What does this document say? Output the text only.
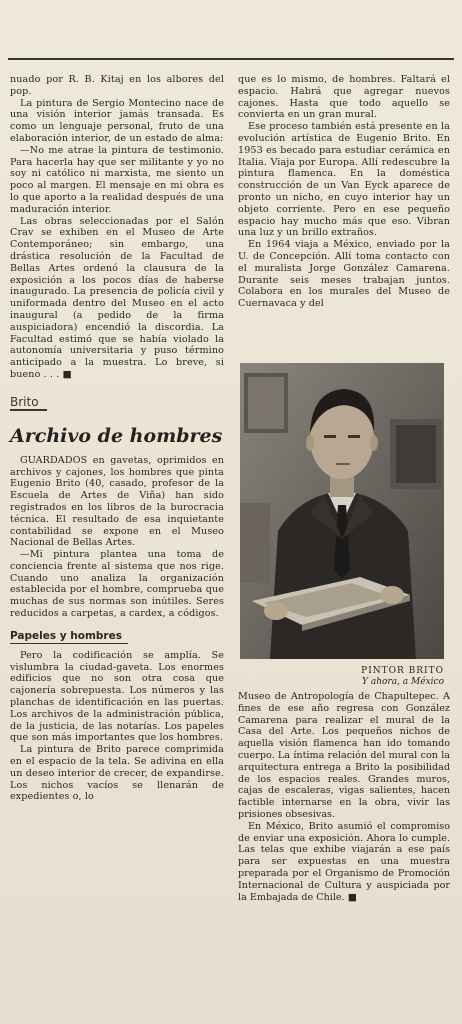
nuado por R. B. Kitaj en los albores del pop.

La pintura de Sergio Montecino nace de una visión interior jamás transada. Es como un lenguaje personal, fruto de una elaboración interior, de un estado de alma:

—No me atrae la pintura de testimonio. Para hacerla hay que ser militante y yo no soy ni católico ni marxista, me siento un poco al margen. El mensaje en mi obra es lo que aporto a la realidad después de una maduración interior.

Las obras seleccionadas por el Salón Crav se exhiben en el Museo de Arte Contemporáneo; sin embargo, una drástica resolución de la Facultad de Bellas Artes ordenó la clausura de la exposición a los pocos días de haberse inaugurado. La presencia de policía civil y uniformada dentro del Museo en el acto inaugural (a pedido de la firma auspiciadora) encendió la discordia. La Facultad estimó que se había violado la autonomía universitaria y puso término anticipado a la muestra. Lo breve, si bueno . . . ■

Brito
Archivo de hombres

GUARDADOS en gavetas, oprimidos en archivos y cajones, los hombres que pinta Eugenio Brito (40, casado, profesor de la Escuela de Artes de Viña) han sido registrados en los libros de la burocracia técnica. El resultado de esa inquietante contabilidad se expone en el Museo Nacional de Bellas Artes.

—Mi pintura plantea una toma de conciencia frente al sistema que nos rige. Cuando uno analiza la organización establecida por el hombre, comprueba que muchas de sus normas son inútiles. Seres reducidos a carpetas, a cardex, a códigos.

Papeles y hombres

Pero la codificación se amplía. Se vislumbra la ciudad-gaveta. Los enormes edificios que no son otra cosa que cajonería sobrepuesta. Los números y las planchas de identificación en las puertas. Los archivos de la administración pública, de la justicia, de las notarías. Los papeles que son más importantes que los hombres.

La pintura de Brito parece comprimida en el espacio de la tela. Se adivina en ella un deseo interior de crecer, de expandirse. Los nichos vacíos se llenarán de expedientes o, lo

que es lo mismo, de hombres. Faltará el espacio. Habrá que agregar nuevos cajones. Hasta que todo aquello se convierta en un gran mural.

Ese proceso también está presente en la evolución artística de Eugenio Brito. En 1953 es becado para estudiar cerámica en Italia. Viaja por Europa. Allí redescubre la pintura flamenca. En la doméstica construcción de un Van Eyck aparece de pronto un nicho, en cuyo interior hay un objeto corriente. Pero en ese pequeño espacio hay mucho más que eso. Vibran una luz y un brillo extraños.

En 1964 viaja a México, enviado por la U. de Concepción. Allí toma contacto con el muralista Jorge González Camarena. Durante seis meses trabajan juntos. Colabora en los murales del Museo de Cuernavaca y del

PINTOR BRITO
Y ahora, a México

Museo de Antropología de Chapultepec. A fines de ese año regresa con González Camarena para realizar el mural de la Casa del Arte. Los pequeños nichos de aquella visión flamenca han ido tomando cuerpo. La íntima relación del mural con la arquitectura entrega a Brito la posibilidad de los espacios reales. Grandes muros, cajas de escaleras, vigas salientes, hacen factible internarse en la obra, vivir las prisiones obsesivas.

En México, Brito asumió el compromiso de enviar una exposición. Ahora lo cumple. Las telas que exhibe viajarán a ese país para ser expuestas en una muestra preparada por el Organismo de Promoción Internacional de Cultura y auspiciada por la Embajada de Chile. ■
